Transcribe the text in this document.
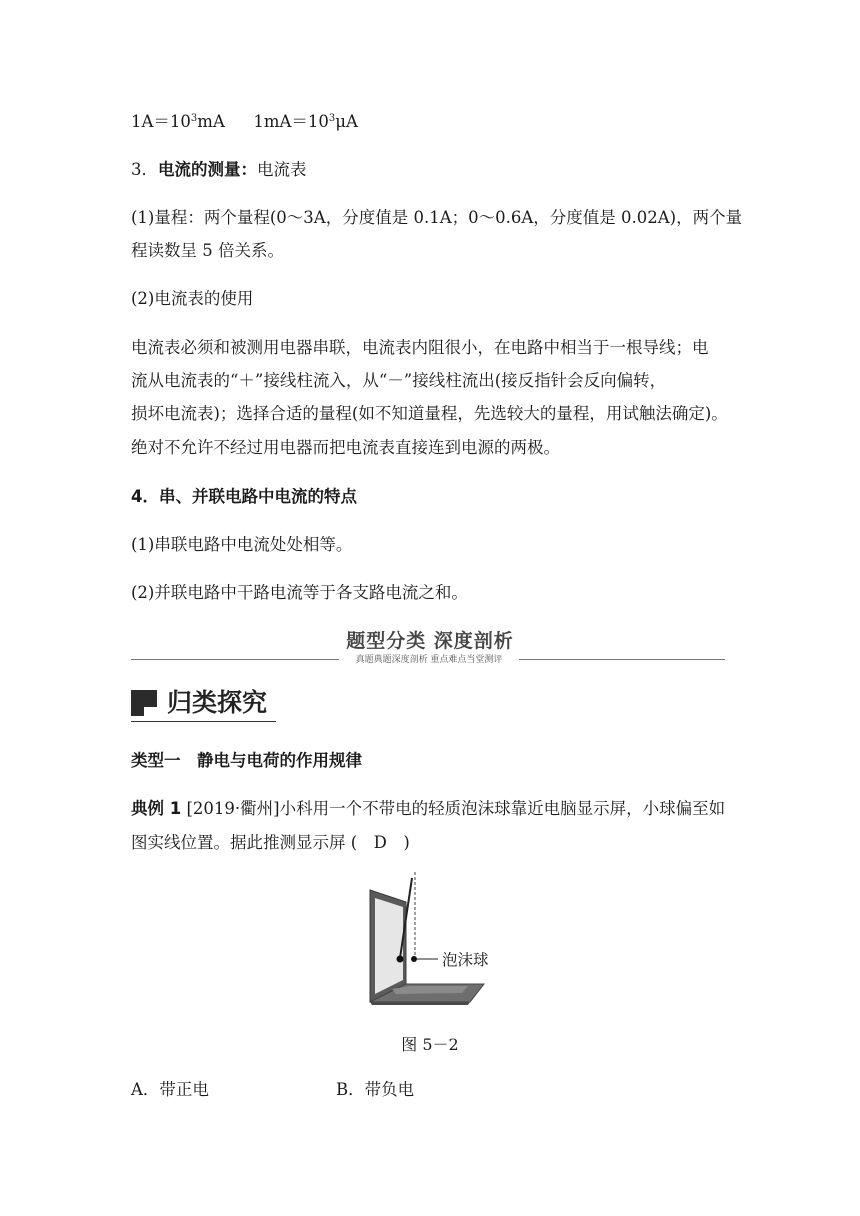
$1A=10^3mA$ $1mA=10^3\mu A$
3．电流的测量：电流表
(1)量程：两个量程(0～3A，分度值是 0.1A；0～0.6A，分度值是 0.02A)，两个量
程读数呈 5 倍关系。
(2)电流表的使用
电流表必须和被测用电器串联，电流表内阻很小，在电路中相当于一根导线；电
流从电流表的“＋”接线柱流入，从“－”接线柱流出(接反指针会反向偏转，
损坏电流表)；选择合适的量程(如不知道量程，先选较大的量程，用试触法确定)。
绝对不允许不经过用电器而把电流表直接连到电源的两极。
4．串、并联电路中电流的特点
(1)串联电路中电流处处相等。
(2)并联电路中干路电流等于各支路电流之和。
题型分类 深度剖析
真题典题深度剖析 重点难点当堂测评
归类探究
类型一　静电与电荷的作用规律
典例 1 [2019·衢州]小科用一个不带电的轻质泡沫球靠近电脑显示屏，小球偏至如
图实线位置。据此推测显示屏 (　D　)
泡沫球
图 5－2
A．带正电	B．带负电
